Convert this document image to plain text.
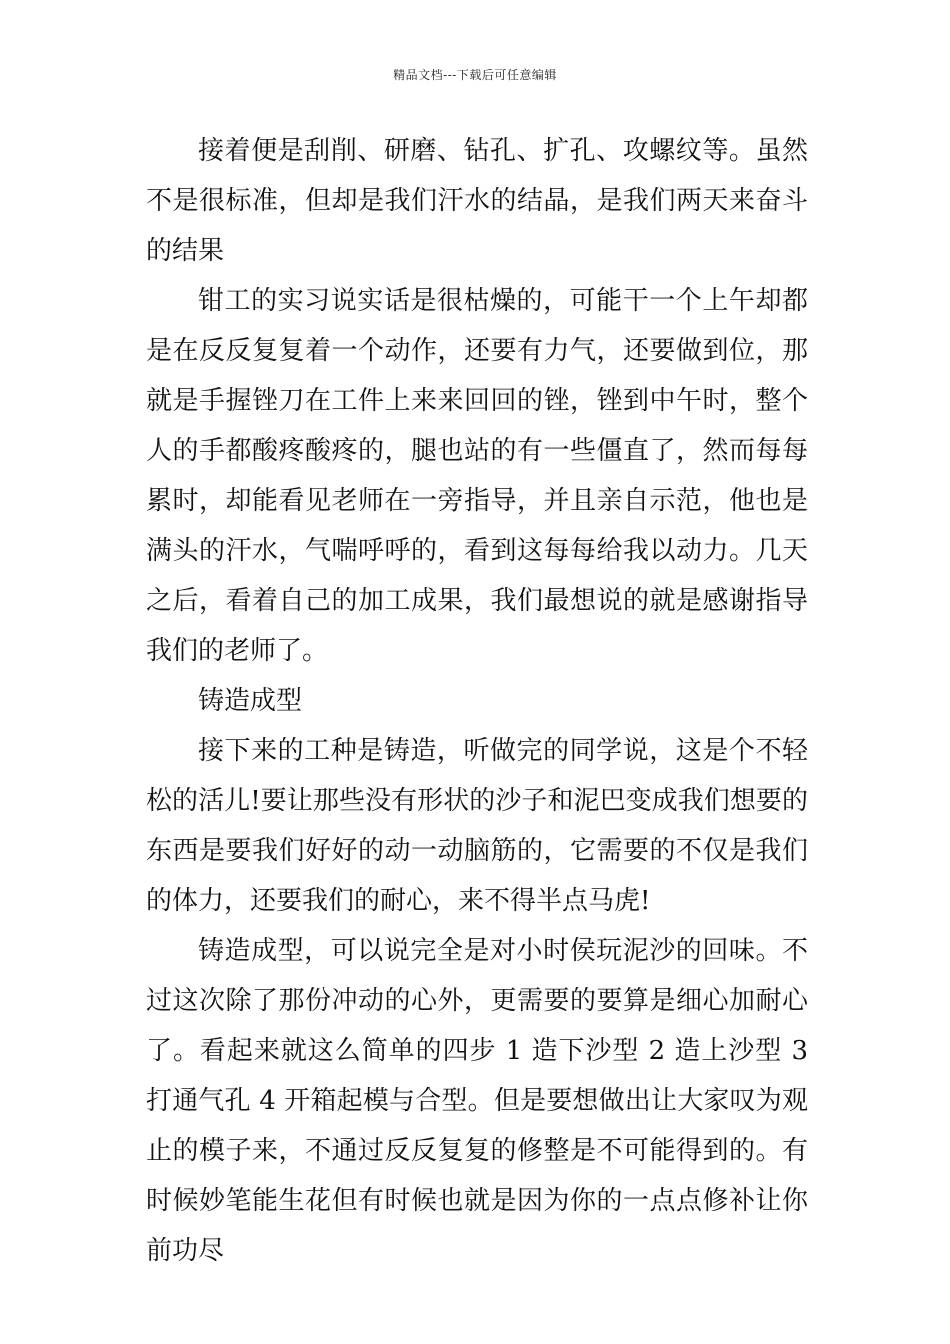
精品文档---下载后可任意编辑

接着便是刮削、研磨、钻孔、扩孔、攻螺纹等。虽然不是很标准，但却是我们汗水的结晶，是我们两天来奋斗的结果

钳工的实习说实话是很枯燥的，可能干一个上午却都是在反反复复着一个动作，还要有力气，还要做到位，那就是手握锉刀在工件上来来回回的锉，锉到中午时，整个人的手都酸疼酸疼的，腿也站的有一些僵直了，然而每每累时，却能看见老师在一旁指导，并且亲自示范，他也是满头的汗水，气喘呼呼的，看到这每每给我以动力。几天之后，看着自己的加工成果，我们最想说的就是感谢指导我们的老师了。

铸造成型

接下来的工种是铸造，听做完的同学说，这是个不轻松的活儿!要让那些没有形状的沙子和泥巴变成我们想要的东西是要我们好好的动一动脑筋的，它需要的不仅是我们的体力，还要我们的耐心，来不得半点马虎!

铸造成型，可以说完全是对小时侯玩泥沙的回味。不过这次除了那份冲动的心外，更需要的要算是细心加耐心了。看起来就这么简单的四步 1 造下沙型 2 造上沙型 3 打通气孔 4 开箱起模与合型。但是要想做出让大家叹为观止的模子来，不通过反反复复的修整是不可能得到的。有时候妙笔能生花但有时候也就是因为你的一点点修补让你前功尽
